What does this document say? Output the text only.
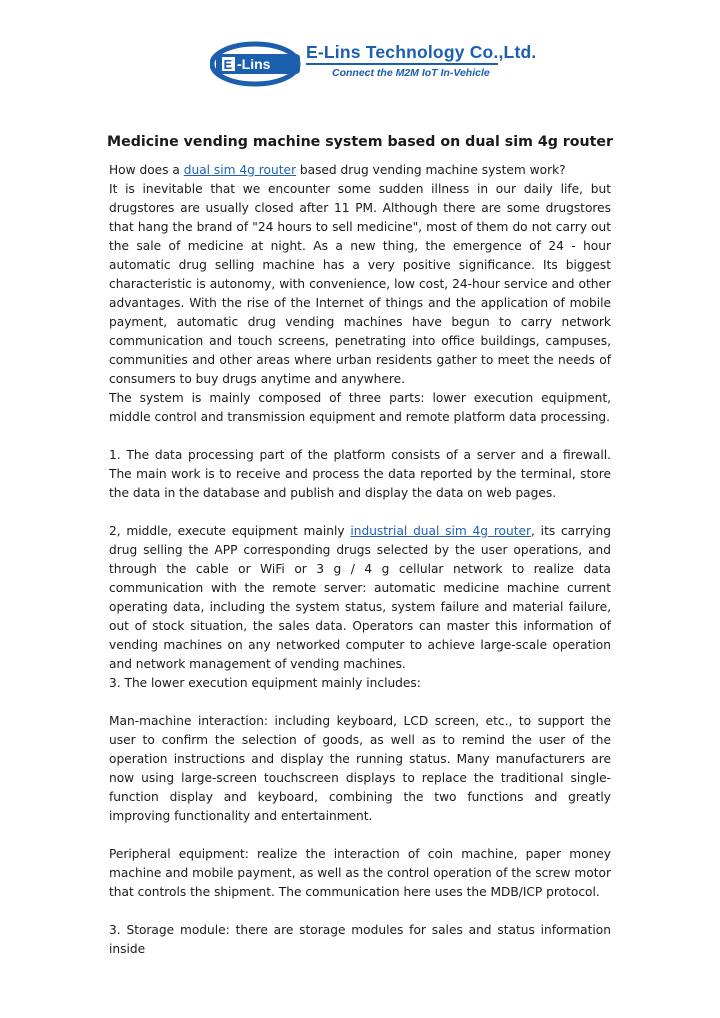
E -Lins
E-Lins Technology Co.,Ltd.
Connect the M2M IoT In-Vehicle
Medicine vending machine system based on dual sim 4g router

How does a dual sim 4g router based drug vending machine system work?

It is inevitable that we encounter some sudden illness in our daily life, but drugstores are usually closed after 11 PM. Although there are some drugstores that hang the brand of "24 hours to sell medicine", most of them do not carry out the sale of medicine at night. As a new thing, the emergence of 24 - hour automatic drug selling machine has a very positive significance. Its biggest characteristic is autonomy, with convenience, low cost, 24-hour service and other advantages. With the rise of the Internet of things and the application of mobile payment, automatic drug vending machines have begun to carry network communication and touch screens, penetrating into office buildings, campuses, communities and other areas where urban residents gather to meet the needs of consumers to buy drugs anytime and anywhere.

The system is mainly composed of three parts: lower execution equipment, middle control and transmission equipment and remote platform data processing.

1. The data processing part of the platform consists of a server and a firewall. The main work is to receive and process the data reported by the terminal, store the data in the database and publish and display the data on web pages.

2, middle, execute equipment mainly industrial dual sim 4g router, its carrying drug selling the APP corresponding drugs selected by the user operations, and through the cable or WiFi or 3 g / 4 g cellular network to realize data communication with the remote server: automatic medicine machine current operating data, including the system status, system failure and material failure, out of stock situation, the sales data. Operators can master this information of vending machines on any networked computer to achieve large-scale operation and network management of vending machines.

3. The lower execution equipment mainly includes:

Man-machine interaction: including keyboard, LCD screen, etc., to support the user to confirm the selection of goods, as well as to remind the user of the operation instructions and display the running status. Many manufacturers are now using large-screen touchscreen displays to replace the traditional single-function display and keyboard, combining the two functions and greatly improving functionality and entertainment.

Peripheral equipment: realize the interaction of coin machine, paper money machine and mobile payment, as well as the control operation of the screw motor that controls the shipment. The communication here uses the MDB/ICP protocol.

3. Storage module: there are storage modules for sales and status information inside
